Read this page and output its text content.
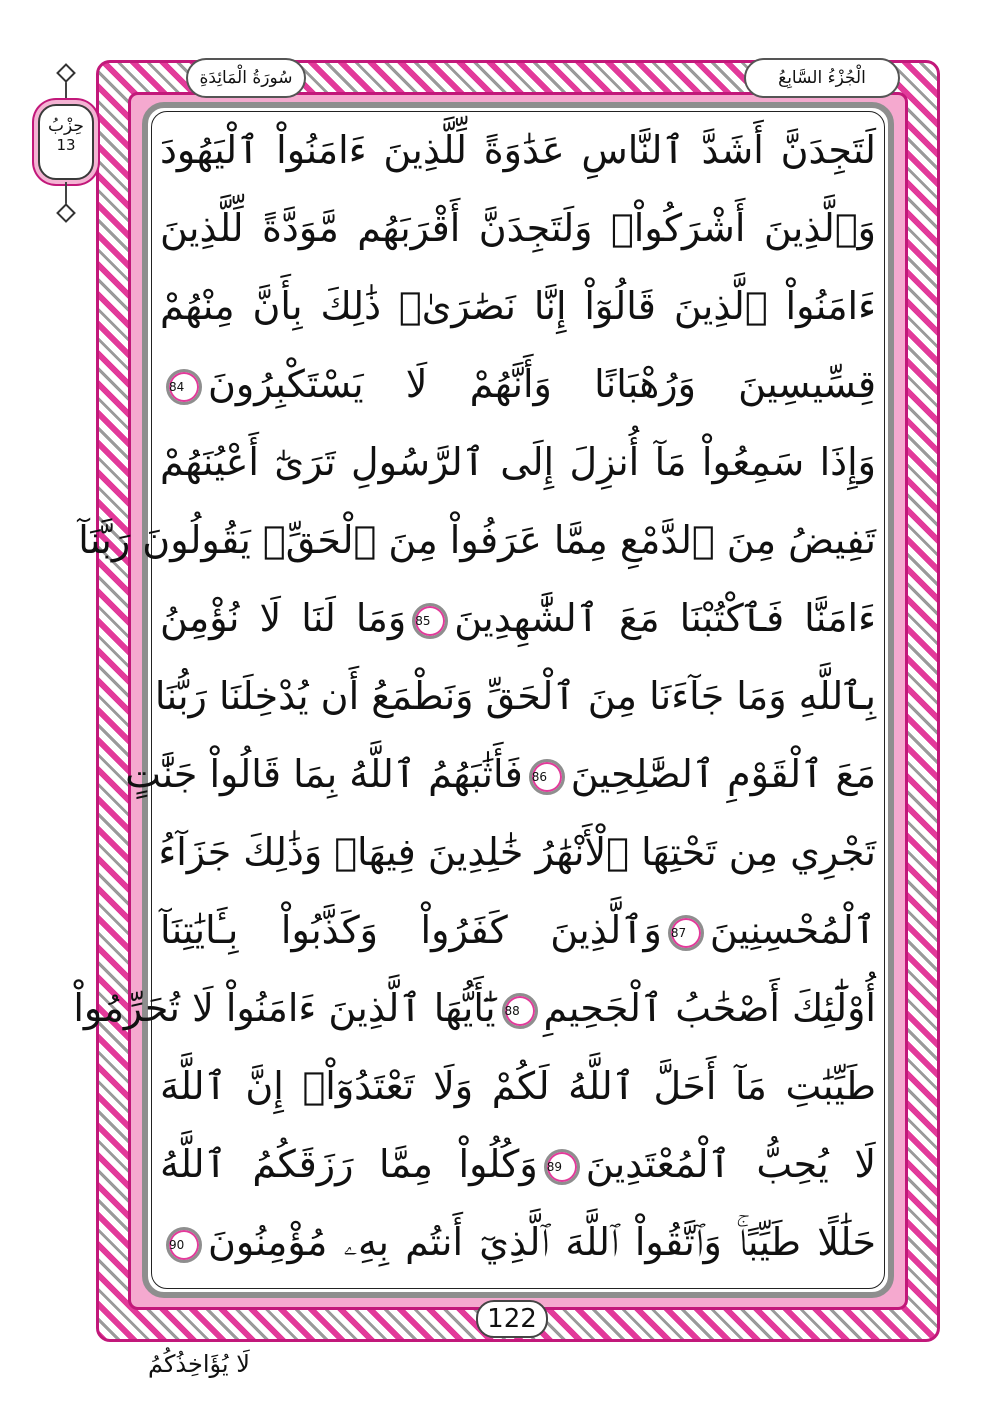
الْجُزْءُ السَّابِعُ
سُورَةُ الْمَائِدَةِ
حِزْبُ
13	لَتَجِدَنَّ أَشَدَّ ٱلنَّاسِ عَدَٰوَةً لِّلَّذِينَ ءَامَنُواْ ٱلْيَهُودَ
وَٱلَّذِينَ أَشْرَكُواْۖ وَلَتَجِدَنَّ أَقْرَبَهُم مَّوَدَّةً لِّلَّذِينَ
ءَامَنُواْ ٱلَّذِينَ قَالُوٓاْ إِنَّا نَصَٰرَىٰۚ ذَٰلِكَ بِأَنَّ مِنْهُمْ
قِسِّيسِينَ وَرُهْبَانًا وَأَنَّهُمْ لَا يَسْتَكْبِرُونَ84
وَإِذَا سَمِعُواْ مَآ أُنزِلَ إِلَى ٱلرَّسُولِ تَرَىٰٓ أَعْيُنَهُمْ
تَفِيضُ مِنَ ٱلدَّمْعِ مِمَّا عَرَفُواْ مِنَ ٱلْحَقِّۖ يَقُولُونَ رَبَّنَآ
ءَامَنَّا فَٱكْتُبْنَا مَعَ ٱلشَّٰهِدِينَ85وَمَا لَنَا لَا نُؤْمِنُ
بِٱللَّهِ وَمَا جَآءَنَا مِنَ ٱلْحَقِّ وَنَطْمَعُ أَن يُدْخِلَنَا رَبُّنَا
مَعَ ٱلْقَوْمِ ٱلصَّٰلِحِينَ86فَأَثَٰبَهُمُ ٱللَّهُ بِمَا قَالُواْ جَنَّٰتٍ
تَجْرِي مِن تَحْتِهَا ٱلْأَنْهَٰرُ خَٰلِدِينَ فِيهَاۚ وَذَٰلِكَ جَزَآءُ
ٱلْمُحْسِنِينَ87وَٱلَّذِينَ كَفَرُواْ وَكَذَّبُواْ بِـَٔايَٰتِنَآ
أُوْلَٰٓئِكَ أَصْحَٰبُ ٱلْجَحِيمِ88يَٰٓأَيُّهَا ٱلَّذِينَ ءَامَنُواْ لَا تُحَرِّمُواْ
طَيِّبَٰتِ مَآ أَحَلَّ ٱللَّهُ لَكُمْ وَلَا تَعْتَدُوٓاْۚ إِنَّ ٱللَّهَ
لَا يُحِبُّ ٱلْمُعْتَدِينَ89وَكُلُواْ مِمَّا رَزَقَكُمُ ٱللَّهُ
حَلَٰلًا طَيِّبًاۚ وَٱتَّقُواْ ٱللَّهَ ٱلَّذِيٓ أَنتُم بِهِۦ مُؤْمِنُونَ90
122
لَا يُؤَاخِذُكُمُ
